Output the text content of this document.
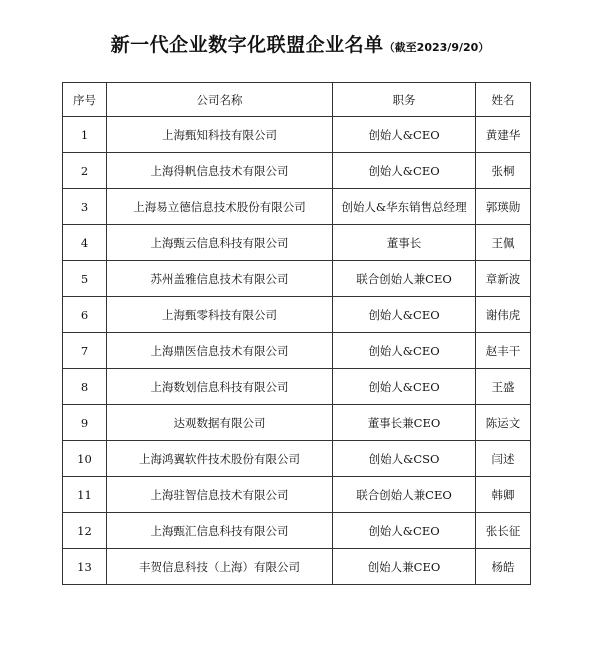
新一代企业数字化联盟企业名单（截至2023/9/20）
序号	公司名称	职务	姓名
1	上海甄知科技有限公司	创始人&CEO	黄建华
2	上海得帆信息技术有限公司	创始人&CEO	张桐
3	上海易立德信息技术股份有限公司	创始人&华东销售总经理	郭瑛勋
4	上海甄云信息科技有限公司	董事长	王佩
5	苏州盖雅信息技术有限公司	联合创始人兼CEO	章新波
6	上海甄零科技有限公司	创始人&CEO	谢伟虎
7	上海鼎医信息技术有限公司	创始人&CEO	赵丰干
8	上海数划信息科技有限公司	创始人&CEO	王盛
9	达观数据有限公司	董事长兼CEO	陈运文
10	上海鸿翼软件技术股份有限公司	创始人&CSO	闫述
11	上海驻智信息技术有限公司	联合创始人兼CEO	韩卿
12	上海甄汇信息科技有限公司	创始人&CEO	张长征
13	丰贺信息科技（上海）有限公司	创始人兼CEO	杨皓
